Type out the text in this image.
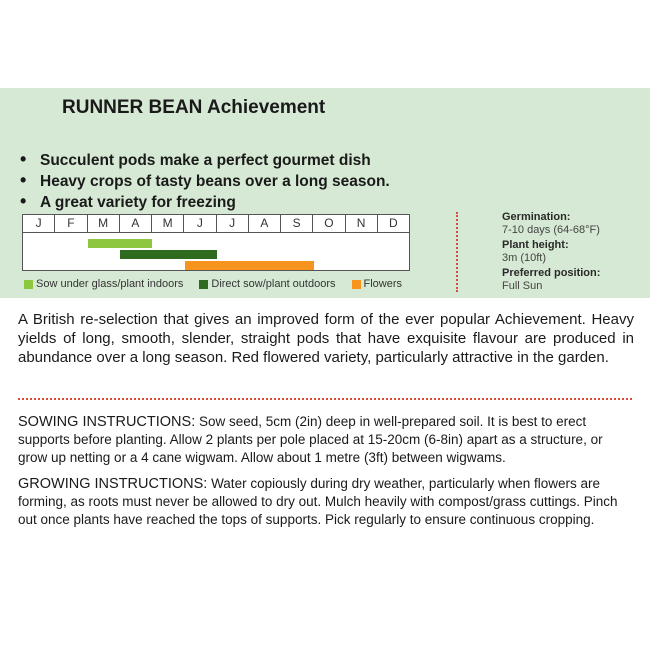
RUNNER BEAN Achievement
• Succulent pods make a perfect gourmet dish
• Heavy crops of tasty beans over a long season.
• A great variety for freezing
J	F	M	A	M	J	J	A	S	O	N	D
Sow under glass/plant indoors	Direct sow/plant outdoors	Flowers
Germination:
7-10 days (64-68°F)
Plant height:
3m (10ft)
Preferred position:
Full Sun

A British re-selection that gives an improved form of the ever popular Achievement. Heavy yields of long, smooth, slender, straight pods that have exquisite flavour are produced in abundance over a long season. Red flowered variety, particularly attractive in the garden.

SOWING INSTRUCTIONS: Sow seed, 5cm (2in) deep in well-prepared soil. It is best to erect supports before planting. Allow 2 plants per pole placed at 15-20cm (6-8in) apart as a structure, or grow up netting or a 4 cane wigwam. Allow about 1 metre (3ft) between wigwams.

GROWING INSTRUCTIONS: Water copiously during dry weather, particularly when flowers are forming, as roots must never be allowed to dry out. Mulch heavily with compost/grass cuttings. Pinch out once plants have reached the tops of supports. Pick regularly to ensure continuous cropping.
